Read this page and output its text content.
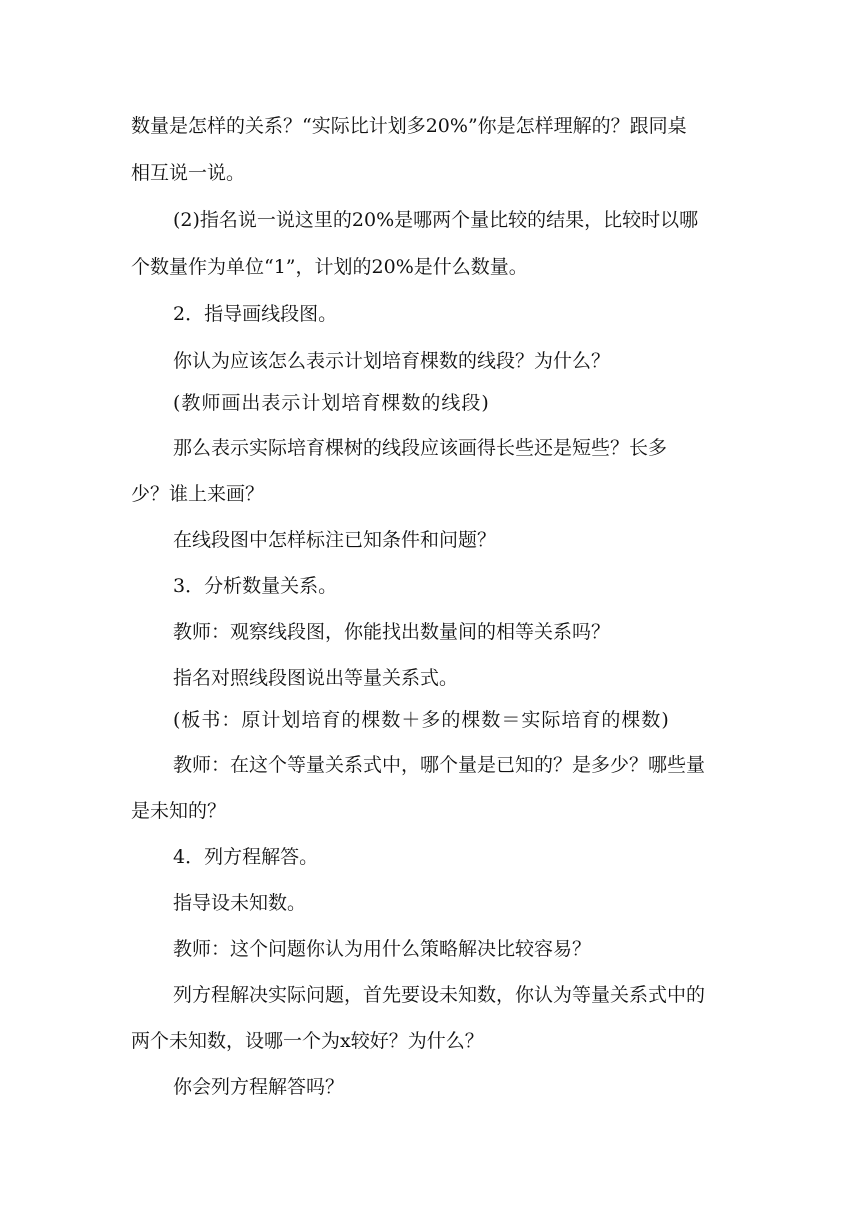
数量是怎样的关系？“实际比计划多20%”你是怎样理解的？跟同桌
相互说一说。
(2)指名说一说这里的20%是哪两个量比较的结果，比较时以哪
个数量作为单位“1”，计划的20%是什么数量。
2．指导画线段图。
你认为应该怎么表示计划培育棵数的线段？为什么？
(教师画出表示计划培育棵数的线段)
那么表示实际培育棵树的线段应该画得长些还是短些？长多
少？谁上来画？
在线段图中怎样标注已知条件和问题？
3．分析数量关系。
教师：观察线段图，你能找出数量间的相等关系吗？
指名对照线段图说出等量关系式。
(板书：原计划培育的棵数＋多的棵数＝实际培育的棵数)
教师：在这个等量关系式中，哪个量是已知的？是多少？哪些量
是未知的？
4．列方程解答。
指导设未知数。
教师：这个问题你认为用什么策略解决比较容易？
列方程解决实际问题，首先要设未知数，你认为等量关系式中的
两个未知数，设哪一个为x较好？为什么？
你会列方程解答吗？
